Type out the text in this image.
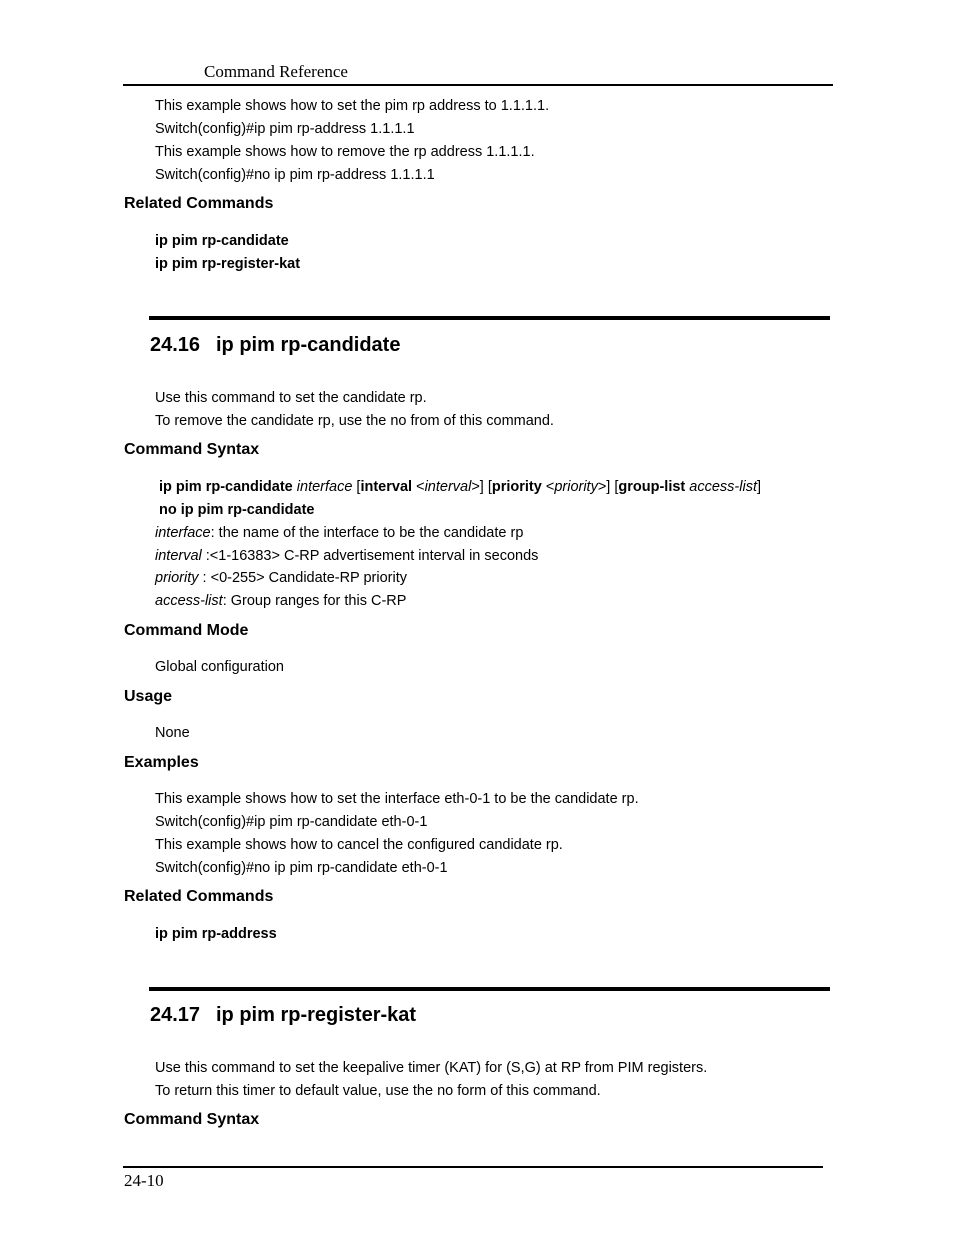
Command Reference
This example shows how to set the pim rp address to 1.1.1.1.
Switch(config)#ip pim rp-address 1.1.1.1
This example shows how to remove the rp address 1.1.1.1.
Switch(config)#no ip pim rp-address 1.1.1.1
Related Commands
ip pim rp-candidate
ip pim rp-register-kat
24.16 ip pim rp-candidate
Use this command to set the candidate rp.
To remove the candidate rp, use the no from of this command.
Command Syntax
ip pim rp-candidate interface [interval <interval>] [priority <priority>] [group-list access-list]
no ip pim rp-candidate
interface: the name of the interface to be the candidate rp
interval :<1-16383> C-RP advertisement interval in seconds
priority : <0-255> Candidate-RP priority
access-list: Group ranges for this C-RP
Command Mode
Global configuration
Usage
None
Examples
This example shows how to set the interface eth-0-1 to be the candidate rp.
Switch(config)#ip pim rp-candidate eth-0-1
This example shows how to cancel the configured candidate rp.
Switch(config)#no ip pim rp-candidate eth-0-1
Related Commands
ip pim rp-address
24.17 ip pim rp-register-kat
Use this command to set the keepalive timer (KAT) for (S,G) at RP from PIM registers.
To return this timer to default value, use the no form of this command.
Command Syntax
24-10
